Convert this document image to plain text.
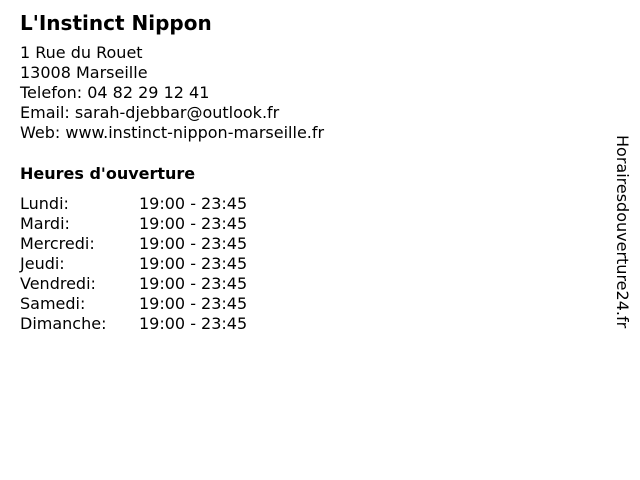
L'Instinct Nippon
1 Rue du Rouet
13008 Marseille
Telefon: 04 82 29 12 41
Email: sarah-djebbar@outlook.fr
Web: www.instinct-nippon-marseille.fr
Heures d'ouverture
Lundi:	19:00 - 23:45
Mardi:	19:00 - 23:45
Mercredi:	19:00 - 23:45
Jeudi:	19:00 - 23:45
Vendredi:	19:00 - 23:45
Samedi:	19:00 - 23:45
Dimanche: 19:00 - 23:45	Horairesdouverture24.fr
